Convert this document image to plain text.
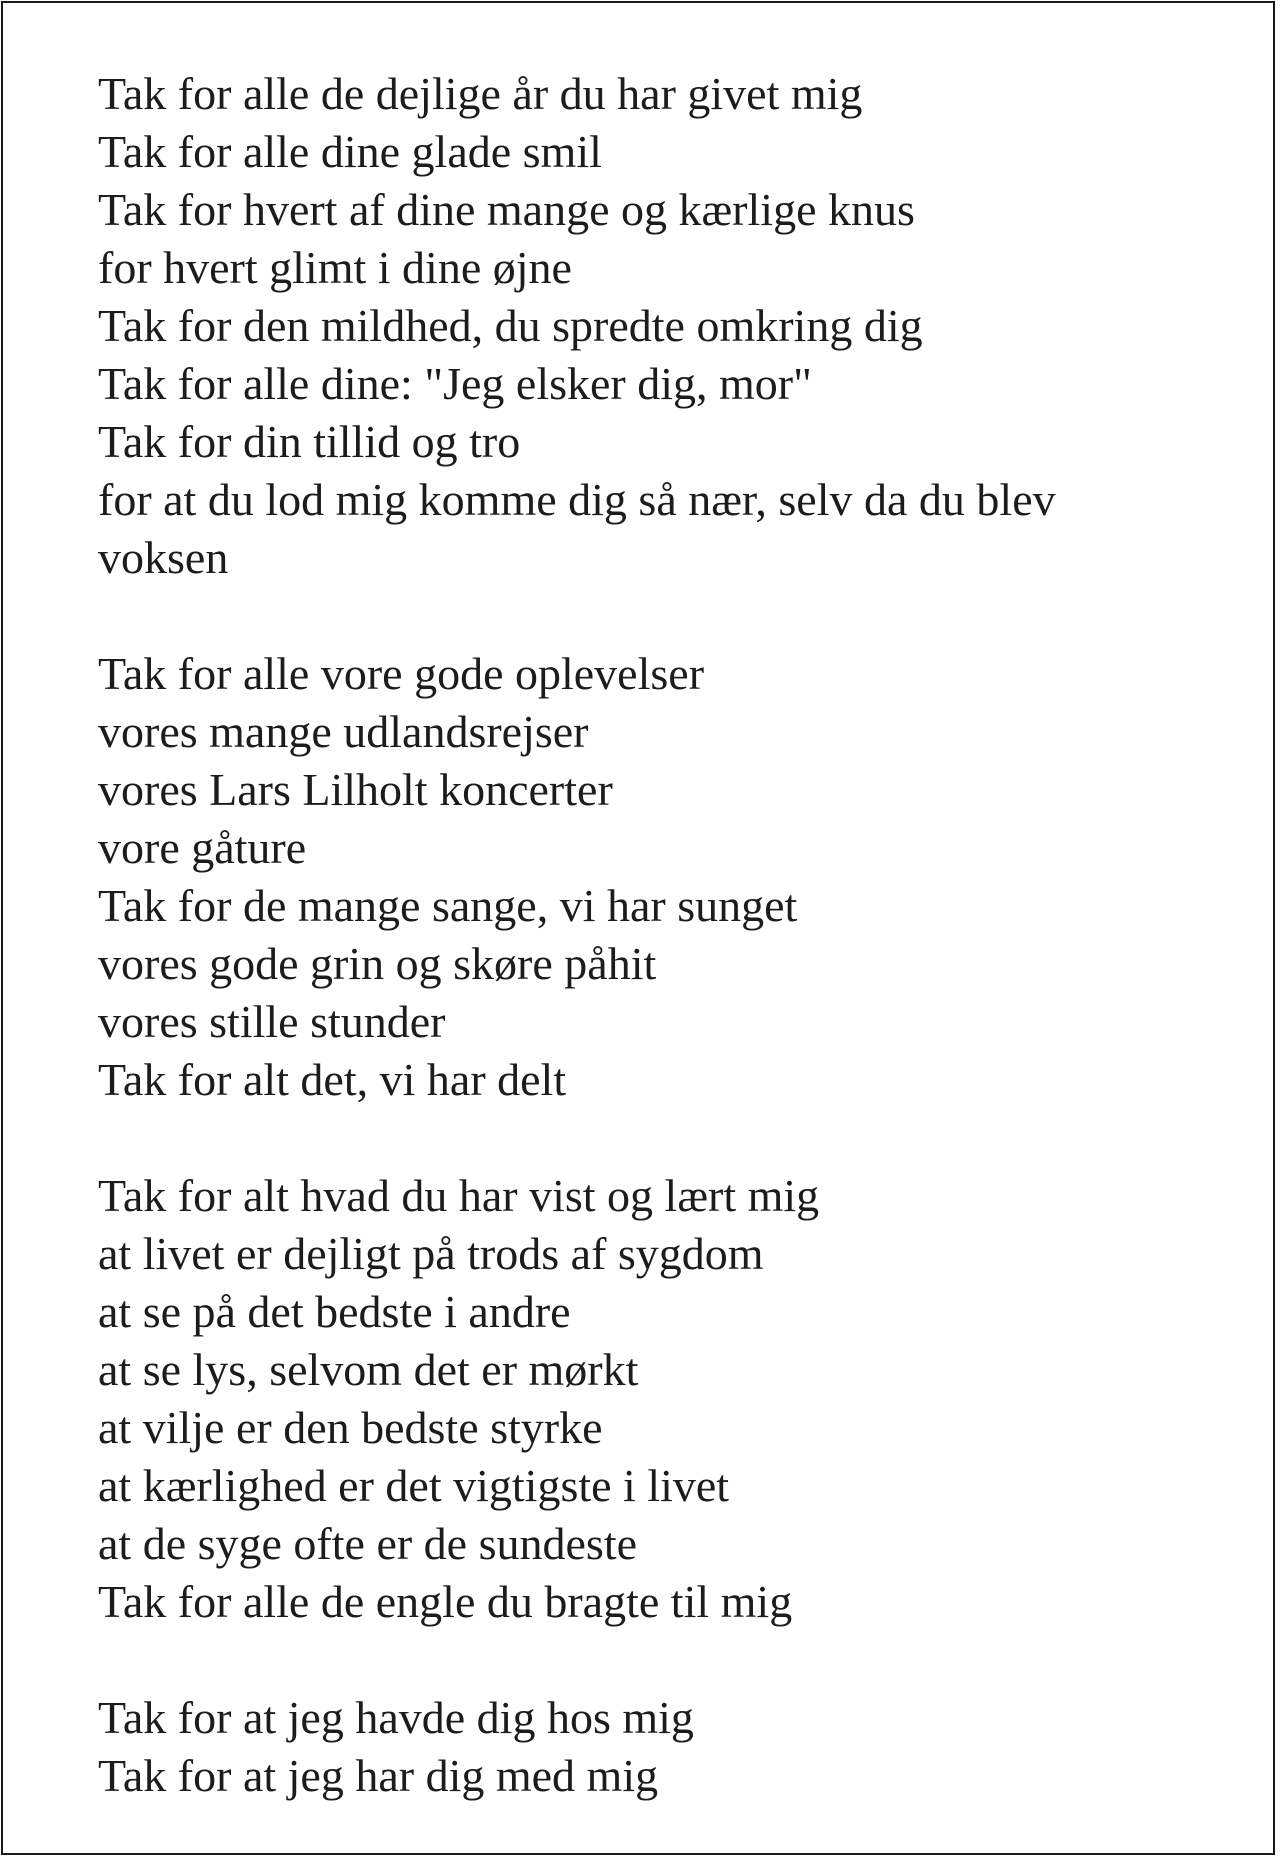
Tak for alle de dejlige år du har givet mig
Tak for alle dine glade smil
Tak for hvert af dine mange og kærlige knus
for hvert glimt i dine øjne
Tak for den mildhed, du spredte omkring dig
Tak for alle dine: "Jeg elsker dig, mor"
Tak for din tillid og tro
for at du lod mig komme dig så nær, selv da du blev
voksen
Tak for alle vore gode oplevelser
vores mange udlandsrejser
vores Lars Lilholt koncerter
vore gåture
Tak for de mange sange, vi har sunget
vores gode grin og skøre påhit
vores stille stunder
Tak for alt det, vi har delt
Tak for alt hvad du har vist og lært mig
at livet er dejligt på trods af sygdom
at se på det bedste i andre
at se lys, selvom det er mørkt
at vilje er den bedste styrke
at kærlighed er det vigtigste i livet
at de syge ofte er de sundeste
Tak for alle de engle du bragte til mig
Tak for at jeg havde dig hos mig
Tak for at jeg har dig med mig
